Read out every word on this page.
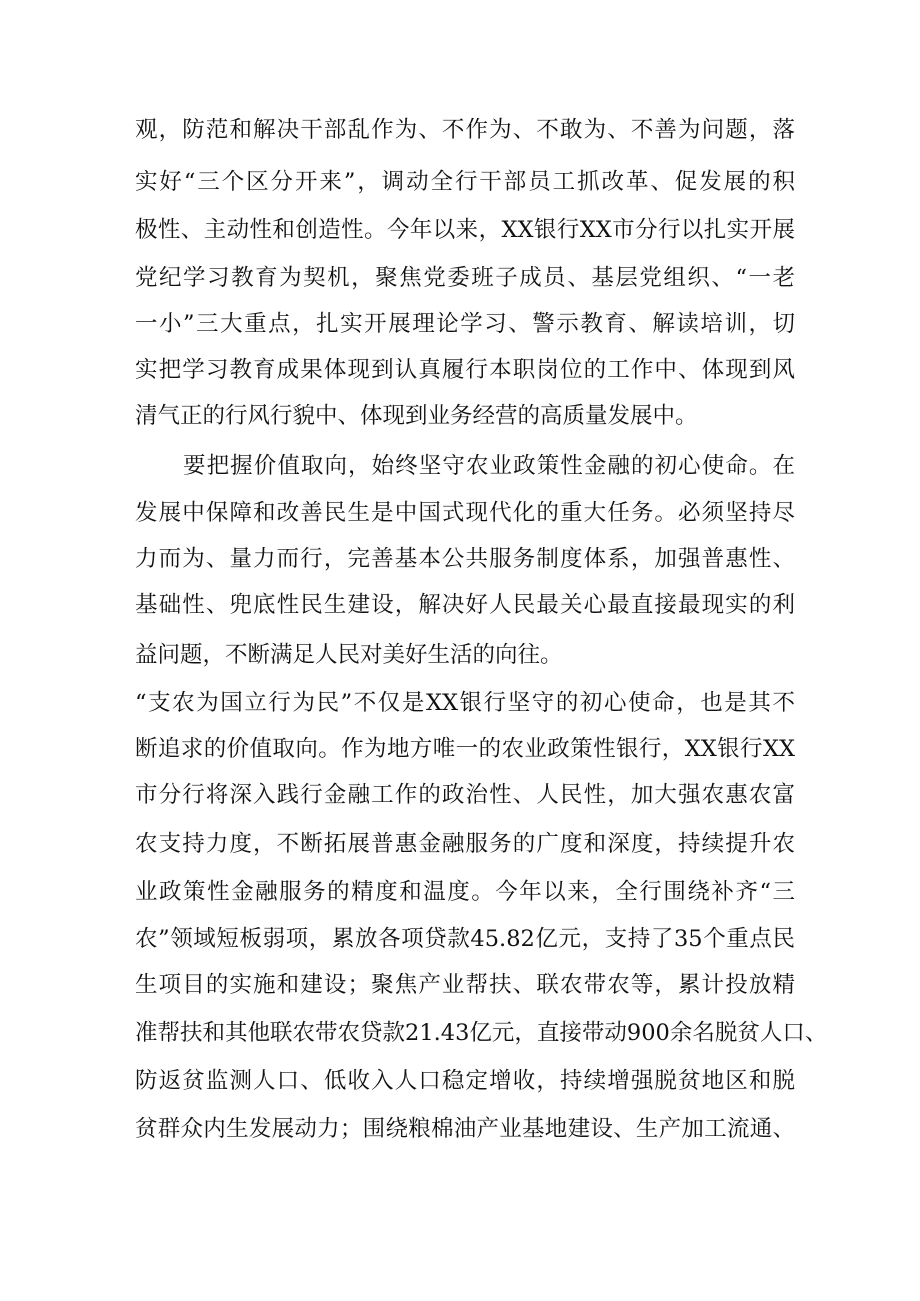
观，防范和解决干部乱作为、不作为、不敢为、不善为问题，落
实好“三个区分开来”，调动全行干部员工抓改革、促发展的积
极性、主动性和创造性。今年以来，XX银行XX市分行以扎实开展
党纪学习教育为契机，聚焦党委班子成员、基层党组织、“一老
一小”三大重点，扎实开展理论学习、警示教育、解读培训，切
实把学习教育成果体现到认真履行本职岗位的工作中、体现到风
清气正的行风行貌中、体现到业务经营的高质量发展中。
要把握价值取向，始终坚守农业政策性金融的初心使命。在
发展中保障和改善民生是中国式现代化的重大任务。必须坚持尽
力而为、量力而行，完善基本公共服务制度体系，加强普惠性、
基础性、兜底性民生建设，解决好人民最关心最直接最现实的利
益问题，不断满足人民对美好生活的向往。
“支农为国立行为民”不仅是XX银行坚守的初心使命，也是其不
断追求的价值取向。作为地方唯一的农业政策性银行，XX银行XX
市分行将深入践行金融工作的政治性、人民性，加大强农惠农富
农支持力度，不断拓展普惠金融服务的广度和深度，持续提升农
业政策性金融服务的精度和温度。今年以来，全行围绕补齐“三
农”领域短板弱项，累放各项贷款45.82亿元，支持了35个重点民
生项目的实施和建设；聚焦产业帮扶、联农带农等，累计投放精
准帮扶和其他联农带农贷款21.43亿元，直接带动900余名脱贫人口、
防返贫监测人口、低收入人口稳定增收，持续增强脱贫地区和脱
贫群众内生发展动力；围绕粮棉油产业基地建设、生产加工流通、
